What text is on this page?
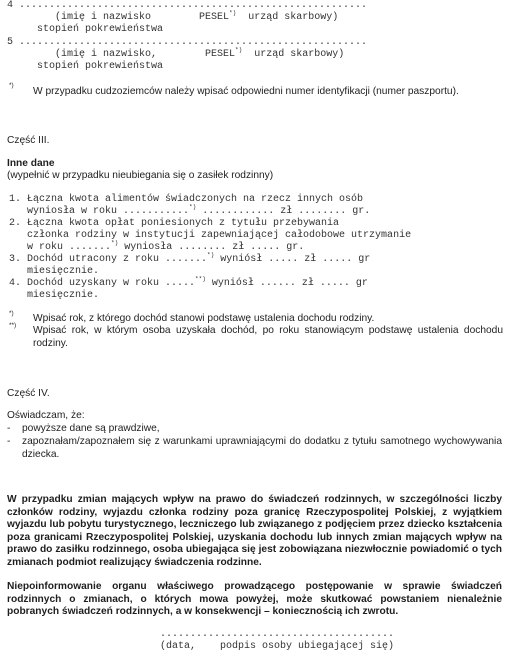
4 ..........................................................
(imię i nazwisko        PESEL*)  urząd skarbowy)
stopień pokrewieństwa
5 ..........................................................
(imię i nazwisko,        PESEL*)  urząd skarbowy)
stopień pokrewieństwa
*)
W przypadku cudzoziemców należy wpisać odpowiedni numer identyfikacji (numer paszportu).
Część III.
Inne dane
(wypełnić w przypadku nieubiegania się o zasiłek rodzinny)
1. Łączna kwota alimentów świadczonych na rzecz innych osób
wyniosła w roku ...........*) ............ zł ........ gr.
2. Łączna kwota opłat poniesionych z tytułu przebywania
członka rodziny w instytucji zapewniającej całodobowe utrzymanie
w roku .......*) wyniosła ........ zł ..... gr.
3. Dochód utracony z roku .......*) wyniósł ..... zł ..... gr
miesięcznie.
4. Dochód uzyskany w roku .....**) wyniósł ...... zł ..... gr
miesięcznie.
*) Wpisać rok, z którego dochód stanowi podstawę ustalenia dochodu rodziny.
**) Wpisać rok, w którym osoba uzyskała dochód, po roku stanowiącym podstawę ustalenia dochodu rodziny.
Część IV.
Oświadczam, że:
- powyższe dane są prawdziwe,
- zapoznałam/zapoznałem się z warunkami uprawniającymi do dodatku z tytułu samotnego wychowywania dziecka.
W przypadku zmian mających wpływ na prawo do świadczeń rodzinnych, w szczególności liczby członków rodziny, wyjazdu członka rodziny poza granicę Rzeczypospolitej Polskiej, z wyjątkiem wyjazdu lub pobytu turystycznego, leczniczego lub związanego z podjęciem przez dziecko kształcenia poza granicami Rzeczypospolitej Polskiej, uzyskania dochodu lub innych zmian mających wpływ na prawo do zasiłku rodzinnego, osoba ubiegająca się jest zobowiązana niezwłocznie powiadomić o tych zmianach podmiot realizujący świadczenia rodzinne.
Niepoinformowanie organu właściwego prowadzącego postępowanie w sprawie świadczeń rodzinnych o zmianach, o których mowa powyżej, może skutkować powstaniem nienależnie pobranych świadczeń rodzinnych, a w konsekwencji – koniecznością ich zwrotu.
.......................................
(data,    podpis osoby ubiegającej się)
